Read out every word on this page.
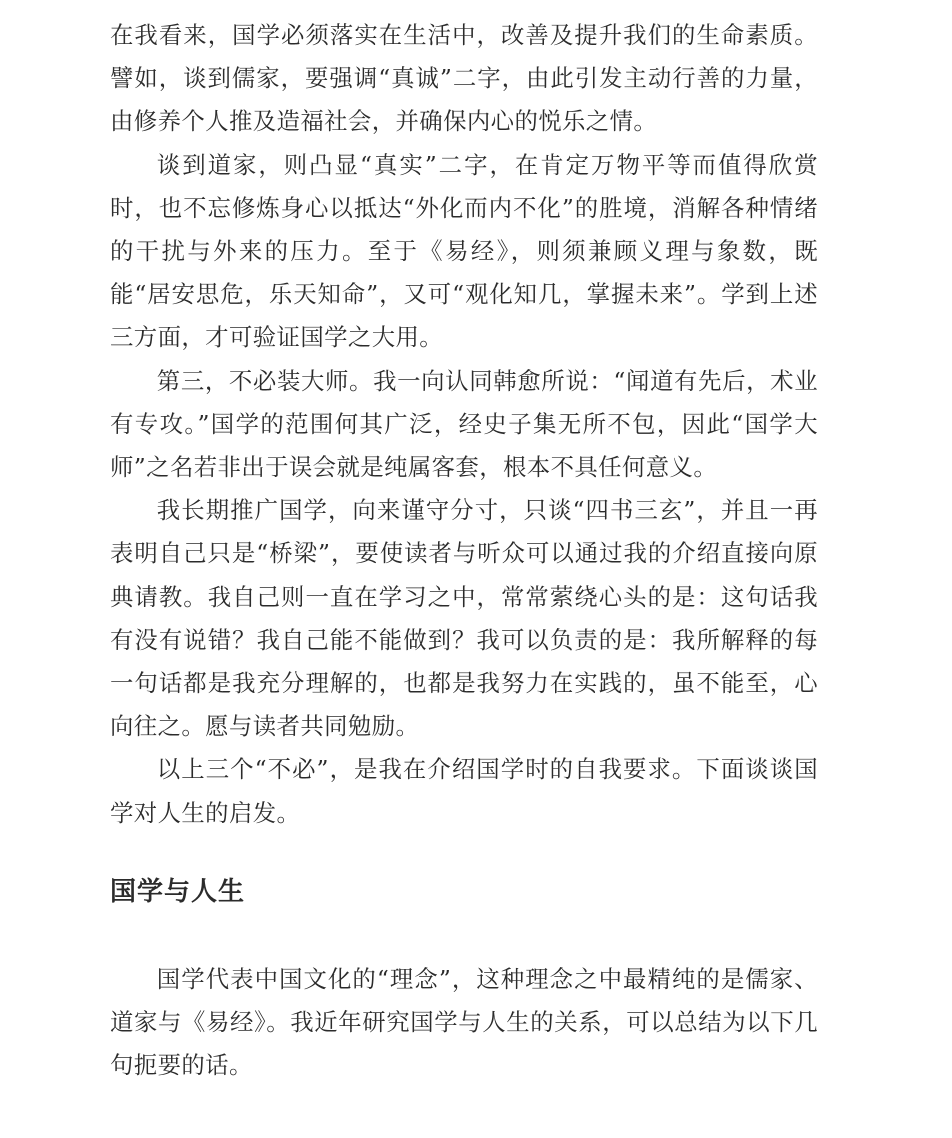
在我看来，国学必须落实在生活中，改善及提升我们的生命素质。譬如，谈到儒家，要强调“真诚”二字，由此引发主动行善的力量，由修养个人推及造福社会，并确保内心的悦乐之情。

谈到道家，则凸显“真实”二字，在肯定万物平等而值得欣赏时，也不忘修炼身心以抵达“外化而内不化”的胜境，消解各种情绪的干扰与外来的压力。至于《易经》，则须兼顾义理与象数，既能“居安思危，乐天知命”，又可“观化知几，掌握未来”。学到上述三方面，才可验证国学之大用。

第三，不必装大师。我一向认同韩愈所说：“闻道有先后，术业有专攻。”国学的范围何其广泛，经史子集无所不包，因此“国学大师”之名若非出于误会就是纯属客套，根本不具任何意义。

我长期推广国学，向来谨守分寸，只谈“四书三玄”，并且一再表明自己只是“桥梁”，要使读者与听众可以通过我的介绍直接向原典请教。我自己则一直在学习之中，常常萦绕心头的是：这句话我有没有说错？我自己能不能做到？我可以负责的是：我所解释的每一句话都是我充分理解的，也都是我努力在实践的，虽不能至，心向往之。愿与读者共同勉励。

以上三个“不必”，是我在介绍国学时的自我要求。下面谈谈国学对人生的启发。

国学与人生

国学代表中国文化的“理念”，这种理念之中最精纯的是儒家、道家与《易经》。我近年研究国学与人生的关系，可以总结为以下几句扼要的话。
